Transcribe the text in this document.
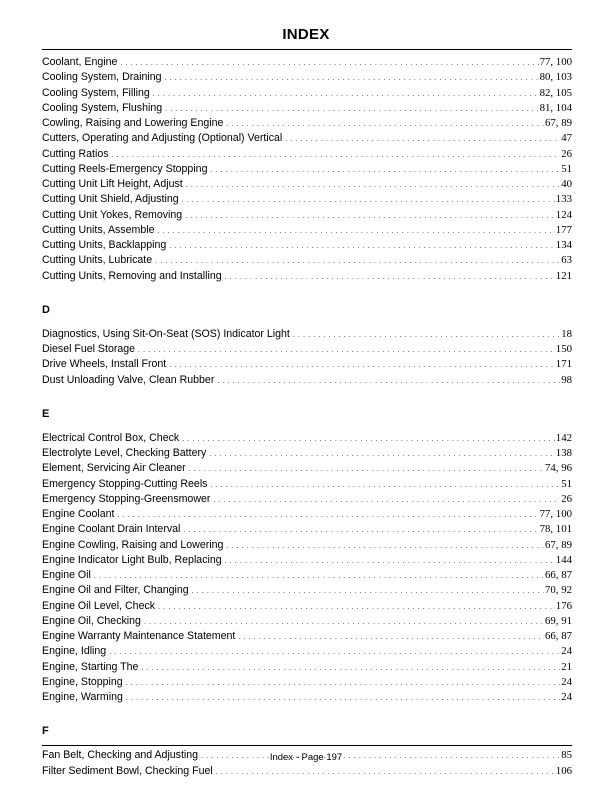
INDEX
Coolant, Engine . . .	77, 100
Cooling System, Draining . . .	80, 103
Cooling System, Filling . . .	82, 105
Cooling System, Flushing . . .	81, 104
Cowling, Raising and Lowering Engine . . .	67, 89
Cutters, Operating and Adjusting (Optional) Vertical . . .	47
Cutting Ratios . . .	26
Cutting Reels-Emergency Stopping . . .	51
Cutting Unit Lift Height, Adjust . . .	40
Cutting Unit Shield, Adjusting . . .	133
Cutting Unit Yokes, Removing . . .	124
Cutting Units, Assemble . . .	177
Cutting Units, Backlapping . . .	134
Cutting Units, Lubricate . . .	63
Cutting Units, Removing and Installing . . .	121
D
Diagnostics, Using Sit-On-Seat (SOS) Indicator Light . . .	18
Diesel Fuel Storage . . .	150
Drive Wheels, Install Front . . .	171
Dust Unloading Valve, Clean Rubber . . .	98
E
Electrical Control Box, Check . . .	142
Electrolyte Level, Checking Battery . . .	138
Element, Servicing Air Cleaner . . .	74, 96
Emergency Stopping-Cutting Reels . . .	51
Emergency Stopping-Greensmower . . .	26
Engine Coolant . . .	77, 100
Engine Coolant Drain Interval . . .	78, 101
Engine Cowling, Raising and Lowering . . .	67, 89
Engine Indicator Light Bulb, Replacing . . .	144
Engine Oil . . .	66, 87
Engine Oil and Filter, Changing . . .	70, 92
Engine Oil Level, Check . . .	176
Engine Oil, Checking . . .	69, 91
Engine Warranty Maintenance Statement . . .	66, 87
Engine, Idling . . .	24
Engine, Starting The . . .	21
Engine, Stopping . . .	24
Engine, Warming . . .	24
F
Fan Belt, Checking and Adjusting . . .	85
Filter Sediment Bowl, Checking Fuel . . .	106
Index - Page 197
